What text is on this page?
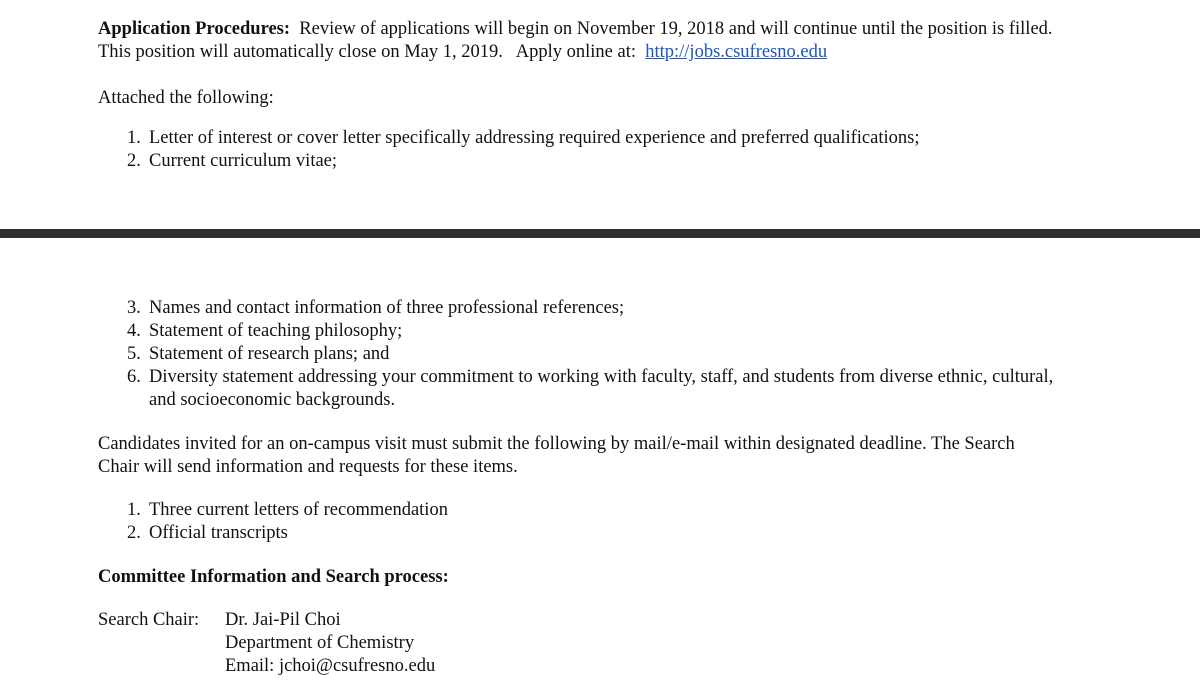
Application Procedures: Review of applications will begin on November 19, 2018 and will continue until the position is filled.
This position will automatically close on May 1, 2019.   Apply online at: http://jobs.csufresno.edu
Attached the following:
1. Letter of interest or cover letter specifically addressing required experience and preferred qualifications;
2. Current curriculum vitae;
3. Names and contact information of three professional references;
4. Statement of teaching philosophy;
5. Statement of research plans; and
6. Diversity statement addressing your commitment to working with faculty, staff, and students from diverse ethnic, cultural,
and socioeconomic backgrounds.
Candidates invited for an on-campus visit must submit the following by mail/e-mail within designated deadline. The Search
Chair will send information and requests for these items.
1. Three current letters of recommendation
2. Official transcripts
Committee Information and Search process:
Search Chair: Dr. Jai-Pil Choi
Department of Chemistry
Email: jchoi@csufresno.edu
